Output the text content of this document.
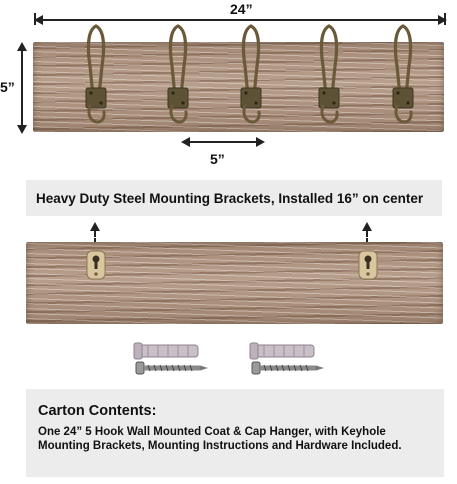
24”
5”
5”
Heavy Duty Steel Mounting Brackets, Installed 16” on center
Carton Contents:
One 24” 5 Hook Wall Mounted Coat & Cap Hanger, with Keyhole Mounting Brackets, Mounting Instructions and Hardware Included.
